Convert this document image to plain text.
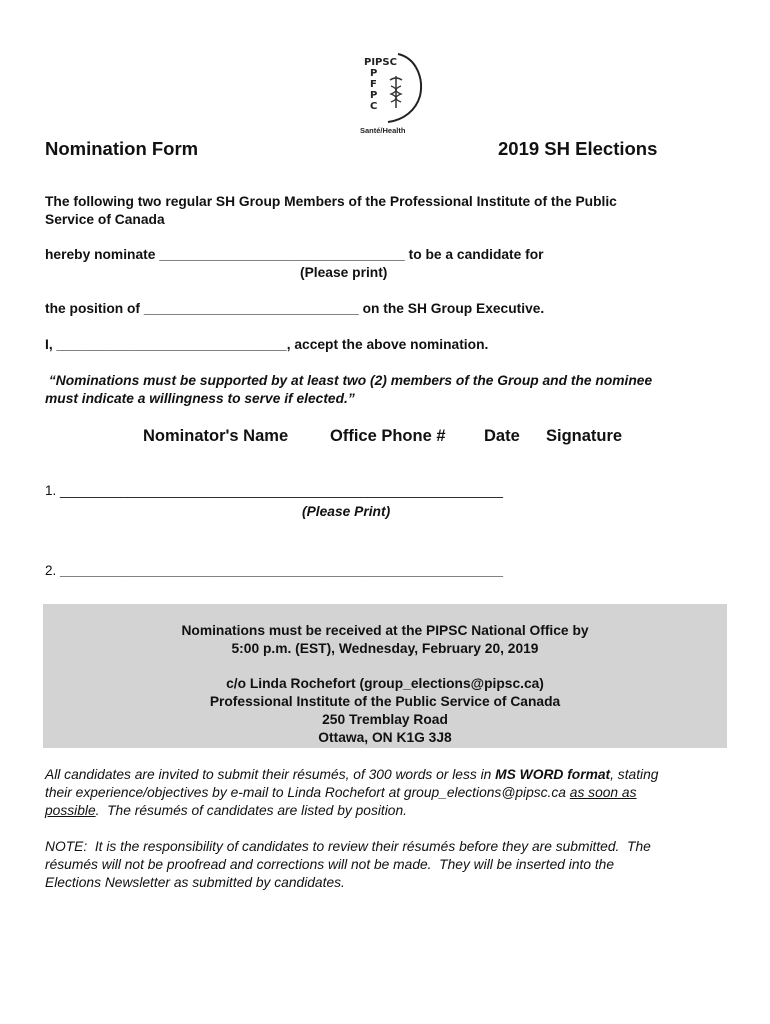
PIPSC
P
F
P
C
Santé/Health
Nomination Form	2019 SH Elections
The following two regular SH Group Members of the Professional Institute of the Public
Service of Canada
hereby nominate ________________________________ to be a candidate for
(Please print)
the position of ____________________________ on the SH Group Executive.
I, ______________________________, accept the above nomination.
“Nominations must be supported by at least two (2) members of the Group and the nominee
must indicate a willingness to serve if elected.”
Nominator's Name	Office Phone # Date Signature
1. ___________________________________________________________
(Please Print)
2. ___________________________________________________________
Nominations must be received at the PIPSC National Office by
5:00 p.m. (EST), Wednesday, February 20, 2019
c/o Linda Rochefort (group_elections@pipsc.ca)
Professional Institute of the Public Service of Canada
250 Tremblay Road
Ottawa, ON K1G 3J8
All candidates are invited to submit their résumés, of 300 words or less in MS WORD format, stating
their experience/objectives by e-mail to Linda Rochefort at group_elections@pipsc.ca as soon as
possible.  The résumés of candidates are listed by position.
NOTE:  It is the responsibility of candidates to review their résumés before they are submitted.  The
résumés will not be proofread and corrections will not be made.  They will be inserted into the
Elections Newsletter as submitted by candidates.
